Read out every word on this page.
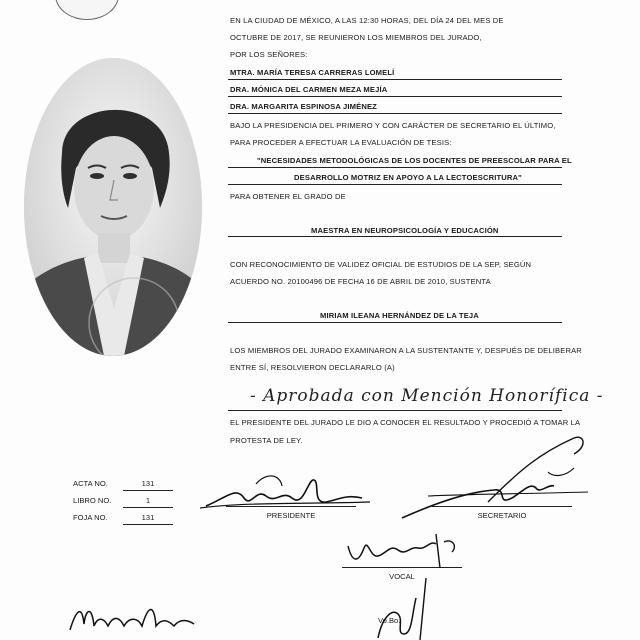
EN LA CIUDAD DE MÉXICO, A LAS 12:30 HORAS, DEL DÍA 24 DEL MES DE
OCTUBRE DE 2017, SE REUNIERON LOS MIEMBROS DEL JURADO,
POR LOS SEÑORES:
MTRA. MARÍA TERESA CARRERAS LOMELÍ
DRA. MÓNICA DEL CARMEN MEZA MEJÍA
DRA. MARGARITA ESPINOSA JIMÉNEZ
BAJO LA PRESIDENCIA DEL PRIMERO Y CON CARÁCTER DE SECRETARIO EL ÚLTIMO,
PARA PROCEDER A EFECTUAR LA EVALUACIÓN DE TESIS:
"NECESIDADES METODOLÓGICAS DE LOS DOCENTES DE PREESCOLAR PARA EL
DESARROLLO MOTRIZ EN APOYO A LA LECTOESCRITURA"
PARA OBTENER EL GRADO DE
MAESTRA EN NEUROPSICOLOGÍA Y EDUCACIÓN
CON RECONOCIMIENTO DE VALIDEZ OFICIAL DE ESTUDIOS DE LA SEP, SEGÚN
ACUERDO NO. 20100496 DE FECHA 16 DE ABRIL DE 2010, SUSTENTA
MIRIAM ILEANA HERNÁNDEZ DE LA TEJA
LOS MIEMBROS DEL JURADO EXAMINARON A LA SUSTENTANTE Y, DESPUÉS DE DELIBERAR
ENTRE SÍ, RESOLVIERON DECLARARLO (A)
- Aprobada con Mención Honorífica -
EL PRESIDENTE DEL JURADO LE DIO A CONOCER EL RESULTADO Y PROCEDIÓ A TOMAR LA
PROTESTA DE LEY.
ACTA NO.	131
LIBRO NO.	1
FOJA NO.	131	PRESIDENTE	SECRETARIO
VOCAL
Vo.Bo.
